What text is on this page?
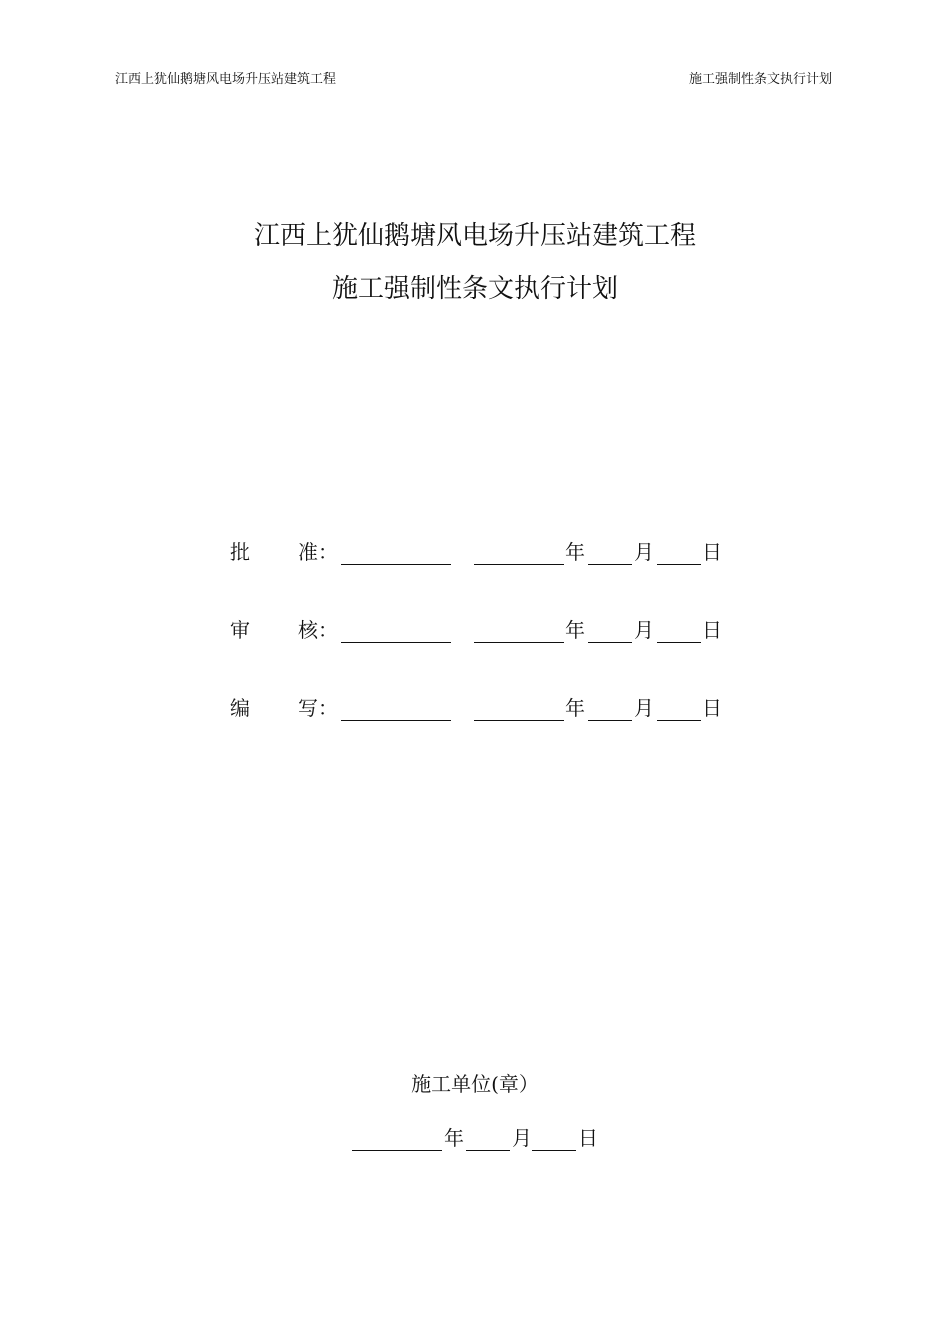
江西上犹仙鹅塘风电场升压站建筑工程	施工强制性条文执行计划
江西上犹仙鹅塘风电场升压站建筑工程
施工强制性条文执行计划
批 准：	年 月 日
审 核：	年 月 日
编 写：	年 月 日
施工单位(章）
年 月 日
